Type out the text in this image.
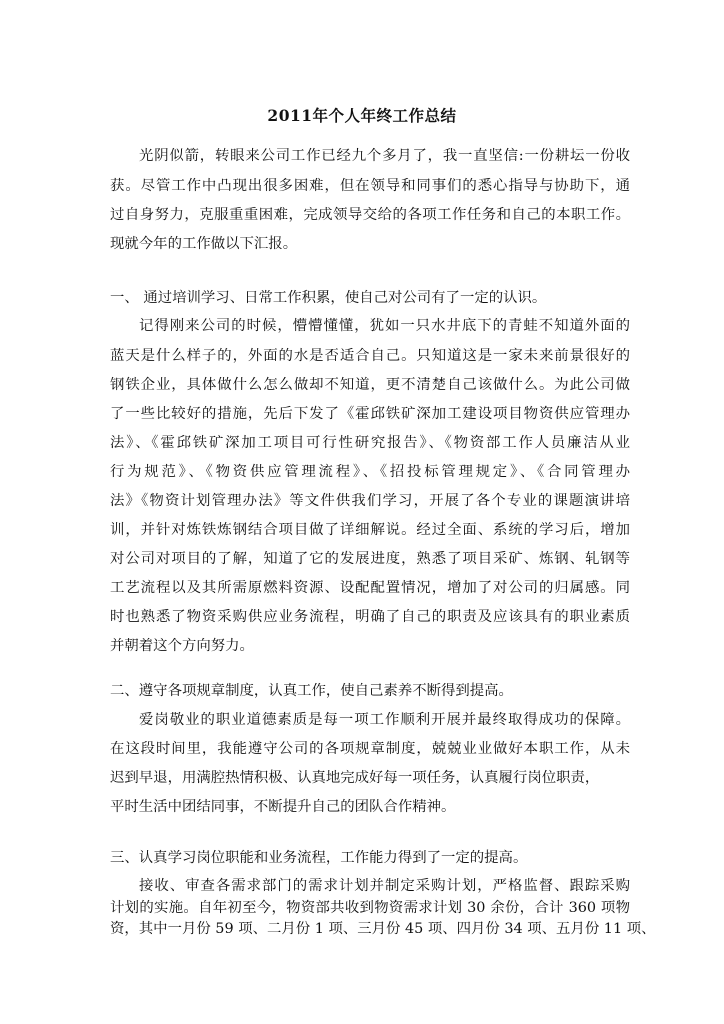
2011年个人年终工作总结
光阴似箭，转眼来公司工作已经九个多月了，我一直坚信:一份耕坛一份收
获。尽管工作中凸现出很多困难，但在领导和同事们的悉心指导与协助下，通
过自身努力，克服重重困难，完成领导交给的各项工作任务和自己的本职工作。
现就今年的工作做以下汇报。
一、 通过培训学习、日常工作积累，使自己对公司有了一定的认识。
记得刚来公司的时候，懵懵懂懂，犹如一只水井底下的青蛙不知道外面的
蓝天是什么样子的，外面的水是否适合自己。只知道这是一家未来前景很好的
钢铁企业，具体做什么怎么做却不知道，更不清楚自己该做什么。为此公司做
了一些比较好的措施，先后下发了《霍邱铁矿深加工建设项目物资供应管理办
法》、《霍邱铁矿深加工项目可行性研究报告》、《物资部工作人员廉洁从业
行为规范》、《物资供应管理流程》、《招投标管理规定》、《合同管理办
法》《物资计划管理办法》等文件供我们学习，开展了各个专业的课题演讲培
训，并针对炼铁炼钢结合项目做了详细解说。经过全面、系统的学习后，增加
对公司对项目的了解，知道了它的发展进度，熟悉了项目采矿、炼钢、轧钢等
工艺流程以及其所需原燃料资源、设配配置情况，增加了对公司的归属感。同
时也熟悉了物资采购供应业务流程，明确了自己的职责及应该具有的职业素质
并朝着这个方向努力。
二、遵守各项规章制度，认真工作，使自己素养不断得到提高。
爱岗敬业的职业道德素质是每一项工作顺利开展并最终取得成功的保障。
在这段时间里，我能遵守公司的各项规章制度，兢兢业业做好本职工作，从未
迟到早退，用满腔热情积极、认真地完成好每一项任务，认真履行岗位职责，
平时生活中团结同事，不断提升自己的团队合作精神。
三、认真学习岗位职能和业务流程，工作能力得到了一定的提高。
接收、审查各需求部门的需求计划并制定采购计划，严格监督、跟踪采购
计划的实施。自年初至今，物资部共收到物资需求计划 30 余份，合计 360 项物
资，其中一月份 59 项、二月份 1 项、三月份 45 项、四月份 34 项、五月份 11 项、
